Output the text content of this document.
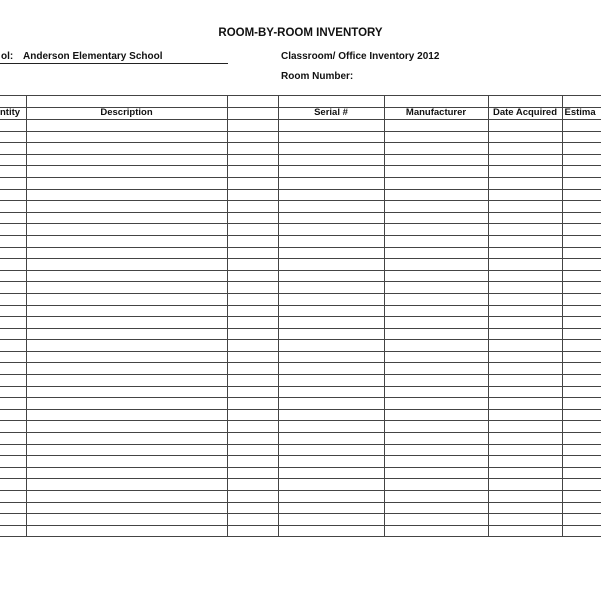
ROOM-BY-ROOM INVENTORY
ol: Anderson Elementary School	Classroom/ Office Inventory 2012
Room Number:

ntity	Description		Serial #	Manufacturer	Date Acquired	Estima
